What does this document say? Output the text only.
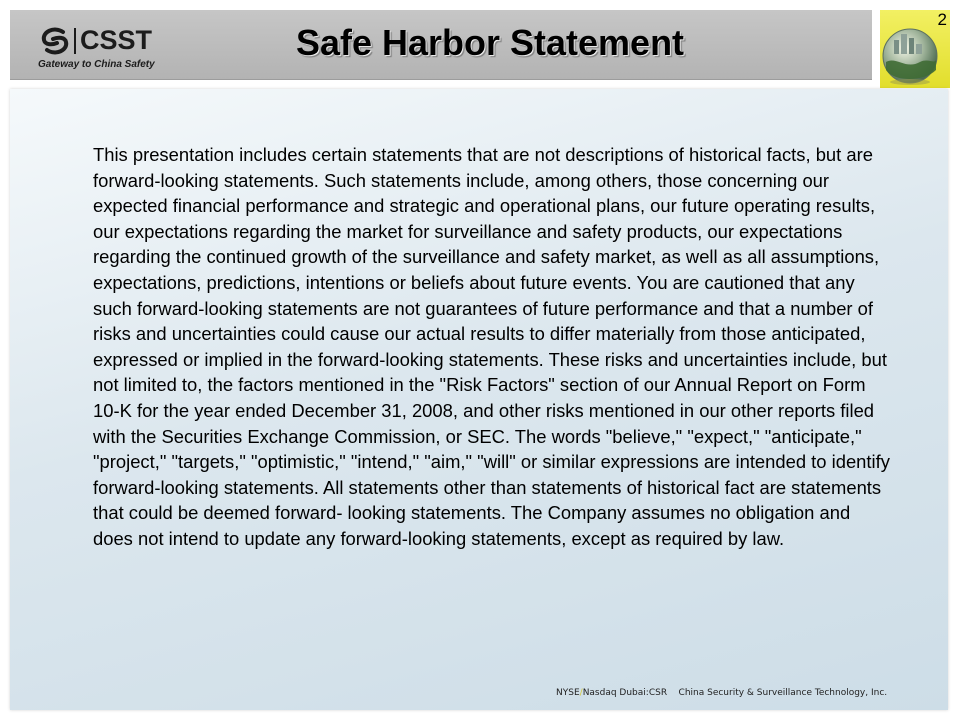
CSST
Gateway to China Safety
Safe Harbor Statement
2

This presentation includes certain statements that are not descriptions of historical facts, but are forward-looking statements. Such statements include, among others, those concerning our expected financial performance and strategic and operational plans, our future operating results, our expectations regarding the market for surveillance and safety products, our expectations regarding the continued growth of the surveillance and safety market, as well as all assumptions, expectations, predictions, intentions or beliefs about future events. You are cautioned that any such forward-looking statements are not guarantees of future performance and that a number of risks and uncertainties could cause our actual results to differ materially from those anticipated, expressed or implied in the forward-looking statements. These risks and uncertainties include, but not limited to, the factors mentioned in the "Risk Factors" section of our Annual Report on Form 10-K for the year ended December 31, 2008, and other risks mentioned in our other reports filed with the Securities Exchange Commission, or SEC. The words "believe," "expect," "anticipate," "project," "targets," "optimistic," "intend," "aim," "will" or similar expressions are intended to identify forward-looking statements. All statements other than statements of historical fact are statements that could be deemed forward- looking statements. The Company assumes no obligation and does not intend to update any forward-looking statements, except as required by law.

NYSE/Nasdaq Dubai:CSR China Security & Surveillance Technology, Inc.
